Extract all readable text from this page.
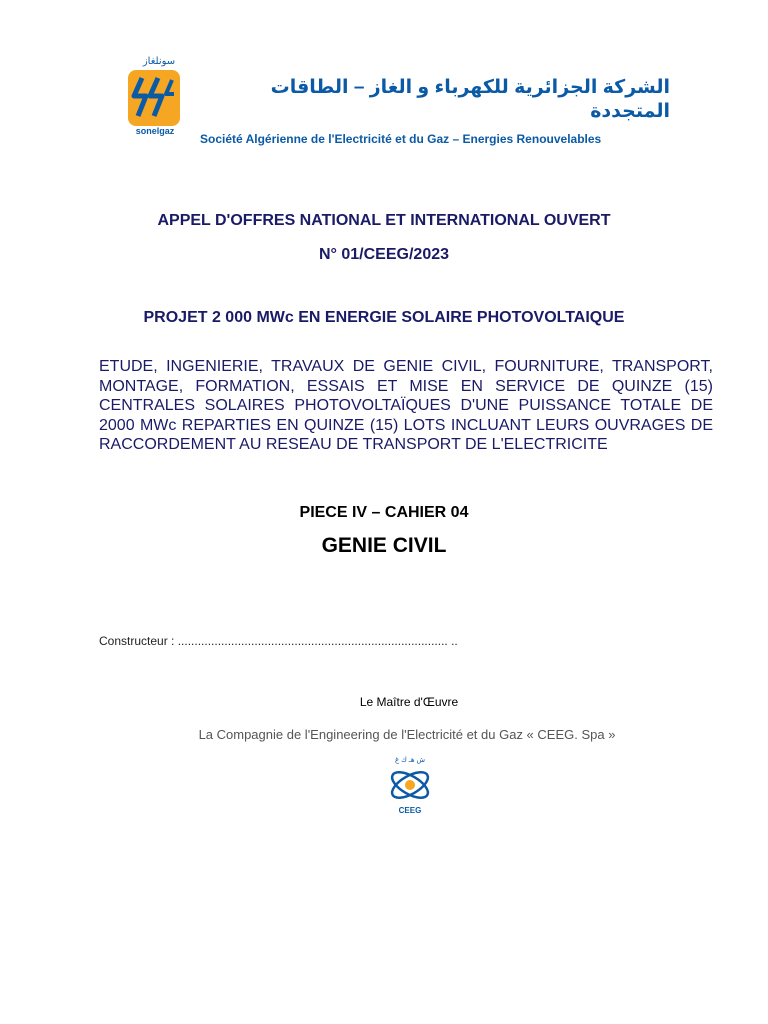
سونلغاز
sonelgaz
الشركة الجزائرية للكهرباء و الغاز – الطاقات المتجددة
Société Algérienne de l'Electricité et du Gaz – Energies Renouvelables
APPEL D'OFFRES NATIONAL ET INTERNATIONAL OUVERT
N° 01/CEEG/2023
PROJET 2 000 MWc EN ENERGIE SOLAIRE PHOTOVOLTAIQUE
ETUDE, INGENIERIE, TRAVAUX DE GENIE CIVIL, FOURNITURE, TRANSPORT, MONTAGE, FORMATION, ESSAIS ET MISE EN SERVICE DE QUINZE (15) CENTRALES SOLAIRES PHOTOVOLTAÏQUES D'UNE PUISSANCE TOTALE DE 2000 MWc REPARTIES EN QUINZE (15) LOTS INCLUANT LEURS OUVRAGES DE RACCORDEMENT AU RESEAU DE TRANSPORT DE L'ELECTRICITE
PIECE IV – CAHIER 04
GENIE CIVIL
Constructeur : ................................................................................. ..
Le Maître d'Œuvre
La Compagnie de l'Engineering de l'Electricité et du Gaz « CEEG. Spa »
ش هـ ك غ
CEEG
